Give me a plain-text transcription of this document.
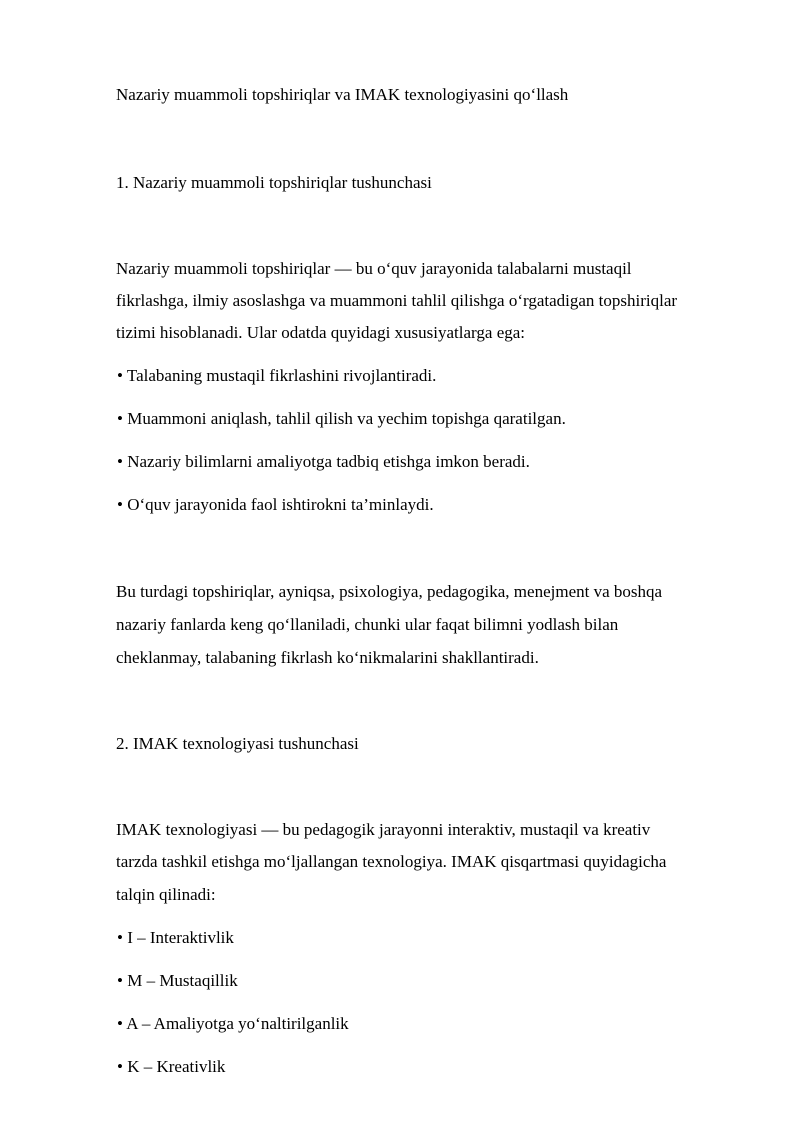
Nazariy muammoli topshiriqlar va IMAK texnologiyasini qo‘llash
1. Nazariy muammoli topshiriqlar tushunchasi
Nazariy muammoli topshiriqlar — bu o‘quv jarayonida talabalarni mustaqil
fikrlashga, ilmiy asoslashga va muammoni tahlil qilishga o‘rgatadigan topshiriqlar
tizimi hisoblanadi. Ular odatda quyidagi xususiyatlarga ega:
• Talabaning mustaqil fikrlashini rivojlantiradi.
• Muammoni aniqlash, tahlil qilish va yechim topishga qaratilgan.
• Nazariy bilimlarni amaliyotga tadbiq etishga imkon beradi.
• O‘quv jarayonida faol ishtirokni ta’minlaydi.
Bu turdagi topshiriqlar, ayniqsa, psixologiya, pedagogika, menejment va boshqa
nazariy fanlarda keng qo‘llaniladi, chunki ular faqat bilimni yodlash bilan
cheklanmay, talabaning fikrlash ko‘nikmalarini shakllantiradi.
2. IMAK texnologiyasi tushunchasi
IMAK texnologiyasi — bu pedagogik jarayonni interaktiv, mustaqil va kreativ
tarzda tashkil etishga mo‘ljallangan texnologiya. IMAK qisqartmasi quyidagicha
talqin qilinadi:
• I – Interaktivlik
• M – Mustaqillik
• A – Amaliyotga yo‘naltirilganlik
• K – Kreativlik
